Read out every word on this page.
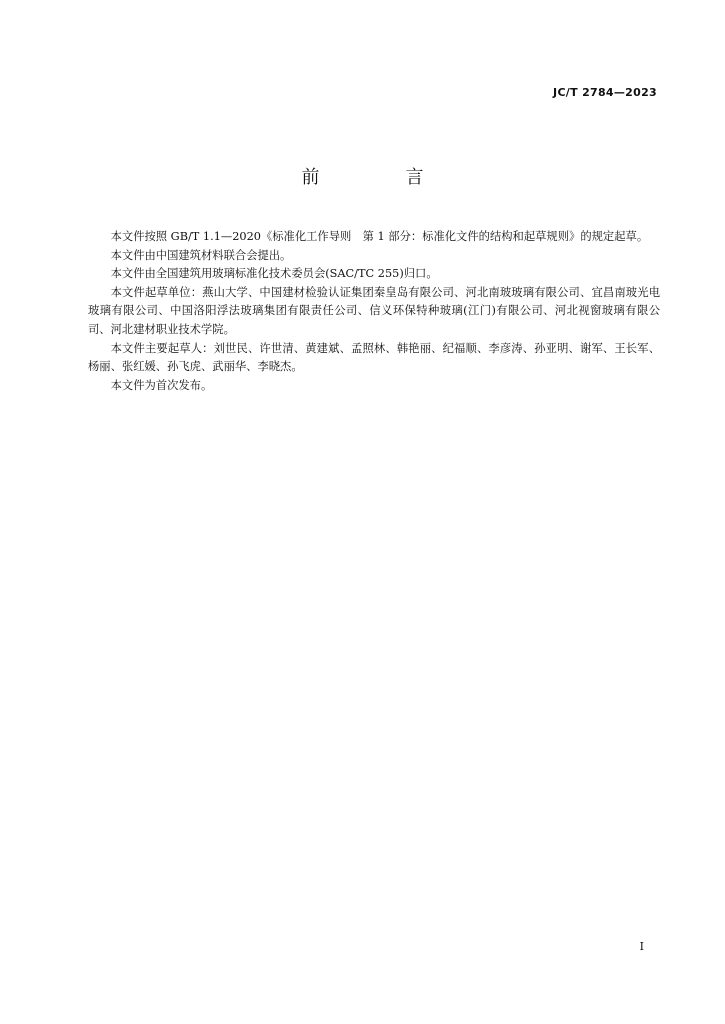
JC/T 2784—2023
前　言

本文件按照 GB/T 1.1—2020《标准化工作导则　第 1 部分：标准化文件的结构和起草规则》的规定起草。

本文件由中国建筑材料联合会提出。

本文件由全国建筑用玻璃标准化技术委员会(SAC/TC 255)归口。

本文件起草单位：燕山大学、中国建材检验认证集团秦皇岛有限公司、河北南玻玻璃有限公司、宜昌南玻光电玻璃有限公司、中国洛阳浮法玻璃集团有限责任公司、信义环保特种玻璃(江门)有限公司、河北视窗玻璃有限公司、河北建材职业技术学院。

本文件主要起草人：刘世民、许世清、黄建斌、孟照林、韩艳丽、纪福顺、李彦涛、孙亚明、谢军、王长军、杨丽、张红媛、孙飞虎、武丽华、李晓杰。

本文件为首次发布。

I
